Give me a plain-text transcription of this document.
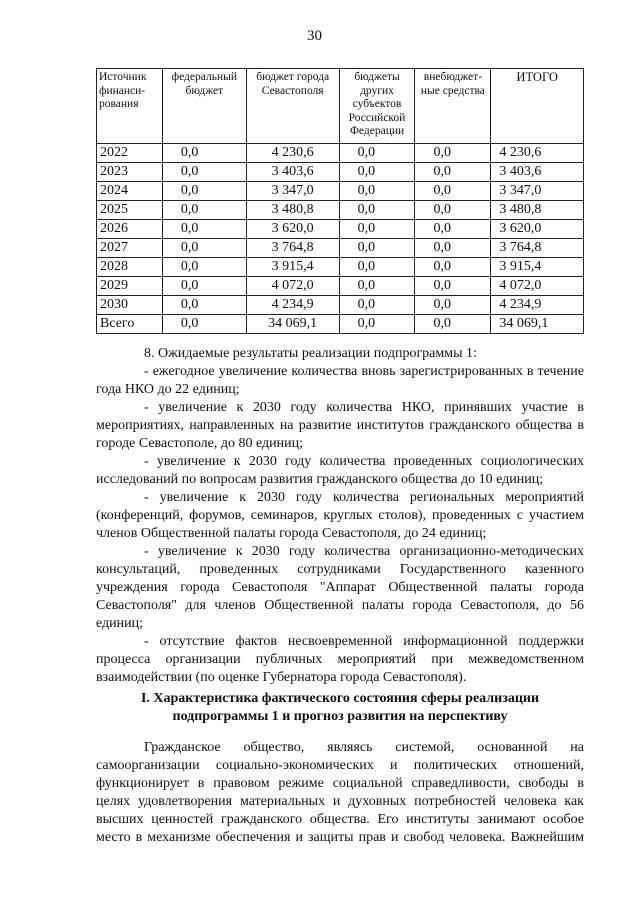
30
Источник финанси-рования	федеральный бюджет	бюджет города Севастополя	бюджеты других субъектов Российской Федерации	внебюджет-ные средства	ИТОГО
2022	0,0	4 230,6	0,0	0,0	4 230,6
2023	0,0	3 403,6	0,0	0,0	3 403,6
2024	0,0	3 347,0	0,0	0,0	3 347,0
2025	0,0	3 480,8	0,0	0,0	3 480,8
2026	0,0	3 620,0	0,0	0,0	3 620,0
2027	0,0	3 764,8	0,0	0,0	3 764,8
2028	0,0	3 915,4	0,0	0,0	3 915,4
2029	0,0	4 072,0	0,0	0,0	4 072,0
2030	0,0	4 234,9	0,0	0,0	4 234,9
Всего	0,0	34 069,1	0,0	0,0	34 069,1

8. Ожидаемые результаты реализации подпрограммы 1:

- ежегодное увеличение количества вновь зарегистрированных в течение года НКО до 22 единиц;

- увеличение к 2030 году количества НКО, принявших участие в мероприятиях, направленных на развитие институтов гражданского общества в городе Севастополе, до 80 единиц;

- увеличение к 2030 году количества проведенных социологических исследований по вопросам развития гражданского общества до 10 единиц;

- увеличение к 2030 году количества региональных мероприятий (конференций, форумов, семинаров, круглых столов), проведенных с участием членов Общественной палаты города Севастополя, до 24 единиц;

- увеличение к 2030 году количества организационно-методических консультаций, проведенных сотрудниками Государственного казенного учреждения города Севастополя "Аппарат Общественной палаты города Севастополя" для членов Общественной палаты города Севастополя, до 56 единиц;

- отсутствие фактов несвоевременной информационной поддержки процесса организации публичных мероприятий при межведомственном взаимодействии (по оценке Губернатора города Севастополя).

I. Характеристика фактического состояния сферы реализации
подпрограммы 1 и прогноз развития на перспективу

Гражданское общество, являясь системой, основанной на самоорганизации социально-экономических и политических отношений, функционирует в правовом режиме социальной справедливости, свободы в целях удовлетворения материальных и духовных потребностей человека как высших ценностей гражданского общества. Его институты занимают особое место в механизме обеспечения и защиты прав и свобод человека. Важнейшим
